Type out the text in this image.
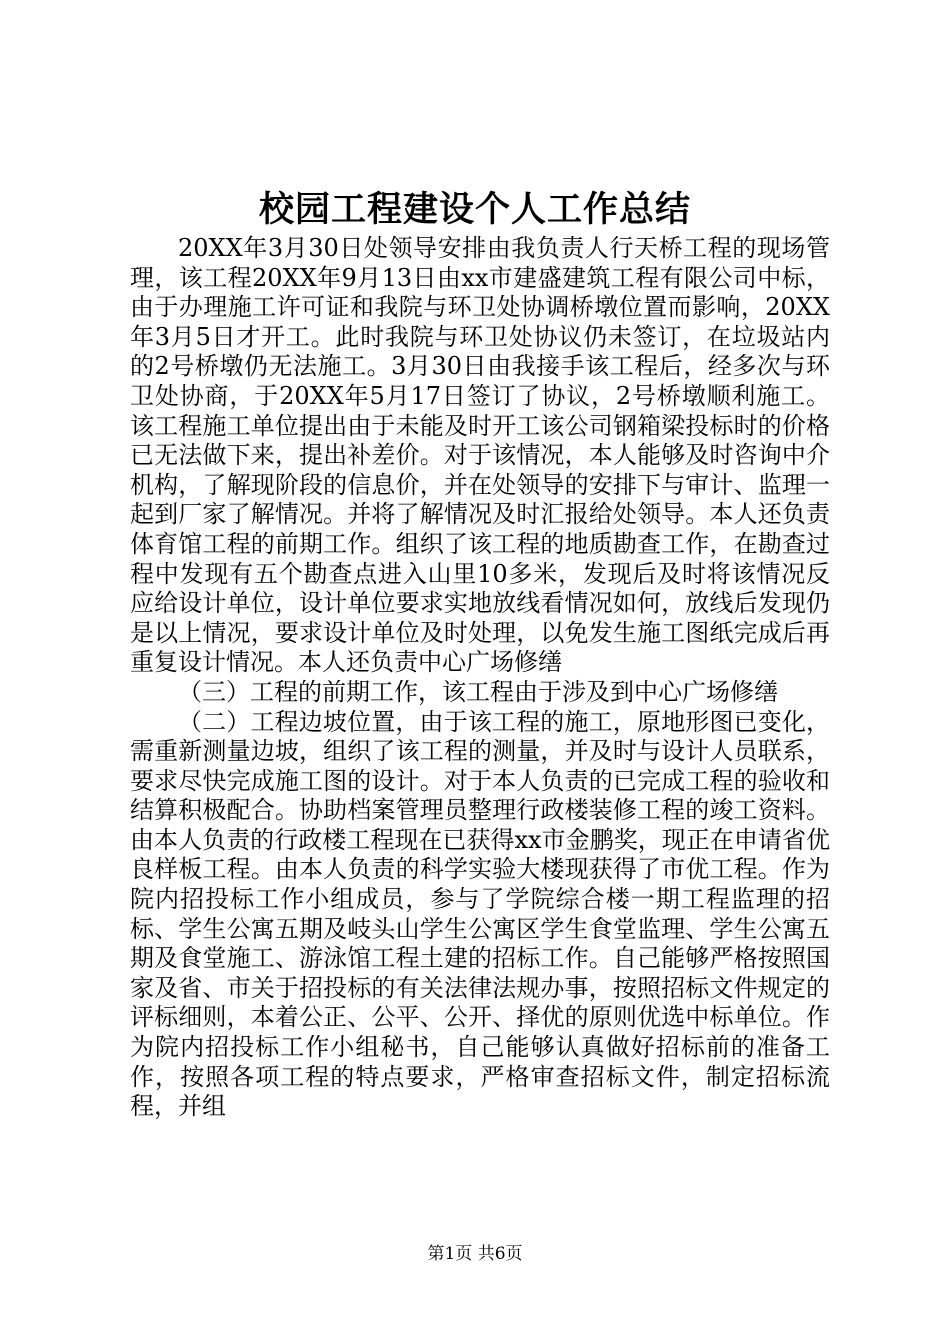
校园工程建设个人工作总结

20XX年3月30日处领导安排由我负责人行天桥工程的现场管理，该工程20XX年9月13日由xx市建盛建筑工程有限公司中标，由于办理施工许可证和我院与环卫处协调桥墩位置而影响，20XX年3月5日才开工。此时我院与环卫处协议仍未签订，在垃圾站内的2号桥墩仍无法施工。3月30日由我接手该工程后，经多次与环卫处协商，于20XX年5月17日签订了协议，2号桥墩顺利施工。该工程施工单位提出由于未能及时开工该公司钢箱梁投标时的价格已无法做下来，提出补差价。对于该情况，本人能够及时咨询中介机构，了解现阶段的信息价，并在处领导的安排下与审计、监理一起到厂家了解情况。并将了解情况及时汇报给处领导。本人还负责体育馆工程的前期工作。组织了该工程的地质勘查工作，在勘查过程中发现有五个勘查点进入山里10多米，发现后及时将该情况反应给设计单位，设计单位要求实地放线看情况如何，放线后发现仍是以上情况，要求设计单位及时处理，以免发生施工图纸完成后再重复设计情况。本人还负责中心广场修缮

（三）工程的前期工作，该工程由于涉及到中心广场修缮

（二）工程边坡位置，由于该工程的施工，原地形图已变化，需重新测量边坡，组织了该工程的测量，并及时与设计人员联系，要求尽快完成施工图的设计。对于本人负责的已完成工程的验收和结算积极配合。协助档案管理员整理行政楼装修工程的竣工资料。由本人负责的行政楼工程现在已获得xx市金鹏奖，现正在申请省优良样板工程。由本人负责的科学实验大楼现获得了市优工程。作为院内招投标工作小组成员，参与了学院综合楼一期工程监理的招标、学生公寓五期及岐头山学生公寓区学生食堂监理、学生公寓五期及食堂施工、游泳馆工程土建的招标工作。自己能够严格按照国家及省、市关于招投标的有关法律法规办事，按照招标文件规定的评标细则，本着公正、公平、公开、择优的原则优选中标单位。作为院内招投标工作小组秘书，自己能够认真做好招标前的准备工作，按照各项工程的特点要求，严格审查招标文件，制定招标流程，并组

第1页 共6页
